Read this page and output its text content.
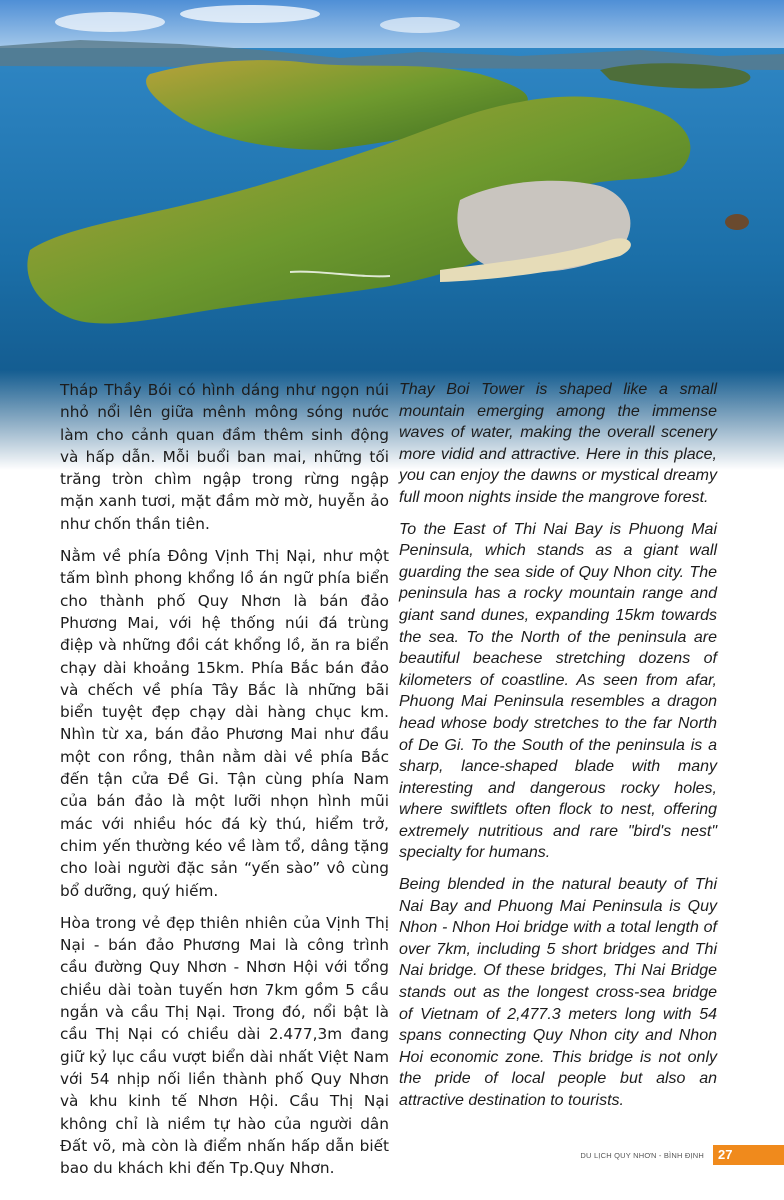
Tháp Thầy Bói có hình dáng như ngọn núi nhỏ nổi lên giữa mênh mông sóng nước làm cho cảnh quan đầm thêm sinh động và hấp dẫn. Mỗi buổi ban mai, những tối trăng tròn chìm ngập trong rừng ngập mặn xanh tươi, mặt đầm mờ mờ, huyễn ảo như chốn thần tiên.

Nằm về phía Đông Vịnh Thị Nại, như một tấm bình phong khổng lồ án ngữ phía biển cho thành phố Quy Nhơn là bán đảo Phương Mai, với hệ thống núi đá trùng điệp và những đồi cát khổng lồ, ăn ra biển chạy dài khoảng 15km. Phía Bắc bán đảo và chếch về phía Tây Bắc là những bãi biển tuyệt đẹp chạy dài hàng chục km. Nhìn từ xa, bán đảo Phương Mai như đầu một con rồng, thân nằm dài về phía Bắc đến tận cửa Đề Gi. Tận cùng phía Nam của bán đảo là một lưỡi nhọn hình mũi mác với nhiều hóc đá kỳ thú, hiểm trở, chim yến thường kéo về làm tổ, dâng tặng cho loài người đặc sản “yến sào” vô cùng bổ dưỡng, quý hiếm.

Hòa trong vẻ đẹp thiên nhiên của Vịnh Thị Nại - bán đảo Phương Mai là công trình cầu đường Quy Nhơn - Nhơn Hội với tổng chiều dài toàn tuyến hơn 7km gồm 5 cầu ngắn và cầu Thị Nại. Trong đó, nổi bật là cầu Thị Nại có chiều dài 2.477,3m đang giữ kỷ lục cầu vượt biển dài nhất Việt Nam với 54 nhịp nối liền thành phố Quy Nhơn và khu kinh tế Nhơn Hội. Cầu Thị Nại không chỉ là niềm tự hào của người dân Đất võ, mà còn là điểm nhấn hấp dẫn biết bao du khách khi đến Tp.Quy Nhơn.

Thay Boi Tower is shaped like a small mountain emerging among the immense waves of water, making the overall scenery more vidid and attractive. Here in this place, you can enjoy the dawns or mystical dreamy full moon nights inside the mangrove forest.

To the East of Thi Nai Bay is Phuong Mai Peninsula, which stands as a giant wall guarding the sea side of Quy Nhon city. The peninsula has a rocky mountain range and giant sand dunes, expanding 15km towards the sea. To the North of the peninsula are beautiful beachese stretching dozens of kilometers of coastline. As seen from afar, Phuong Mai Peninsula resembles a dragon head whose body stretches to the far North of De Gi. To the South of the peninsula is a sharp, lance-shaped blade with many interesting and dangerous rocky holes, where swiftlets often flock to nest, offering extremely nutritious and rare "bird's nest" specialty for humans.

Being blended in the natural beauty of Thi Nai Bay and Phuong Mai Peninsula is Quy Nhon - Nhon Hoi bridge with a total length of over 7km, including 5 short bridges and Thi Nai bridge. Of these bridges, Thi Nai Bridge stands out as the longest cross-sea bridge of Vietnam of 2,477.3 meters long with 54 spans connecting Quy Nhon city and Nhon Hoi economic zone. This bridge is not only the pride of local people but also an attractive destination to tourists.

DU LỊCH QUY NHƠN - BÌNH ĐỊNH 27
